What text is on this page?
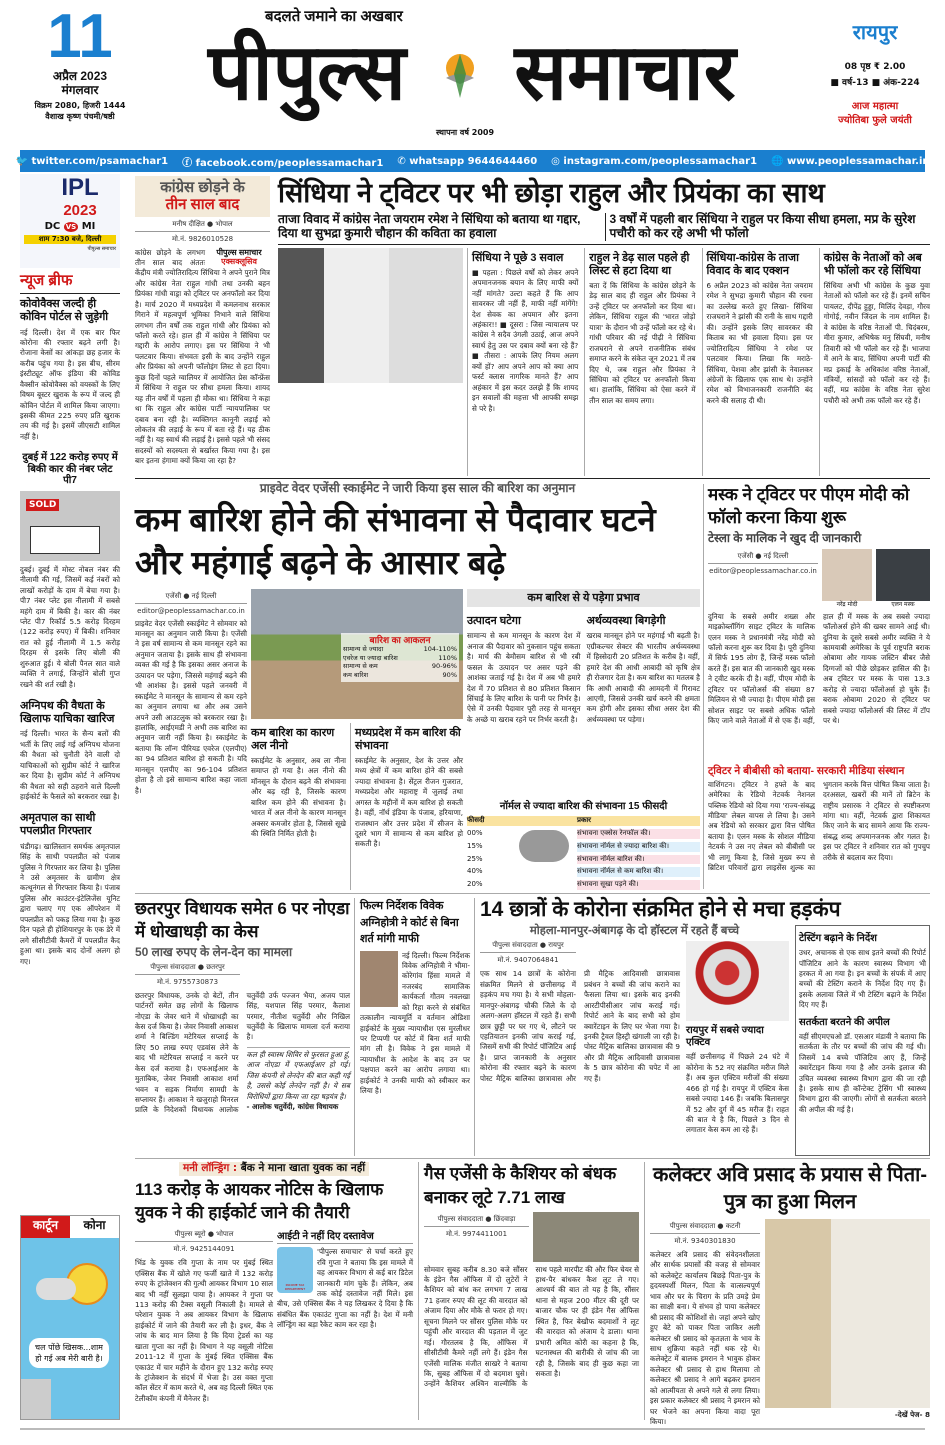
11
अप्रैल 2023
मंगलवार
विक्रम 2080, हिजरी 1444
वैशाख कृष्ण पंचमी/षष्ठी
बदलते जमाने का अखबार
पीपुल्स	समाचार
स्थापना वर्ष 2009
रायपुर
08 पृष्ठ ₹ 2.00
■ वर्ष-13 ■ अंक-224
आज महात्मा
ज्योतिबा फुले जयंती
🐦 twitter.com/psamachar1 ⓕ facebook.com/peoplessamachar1 ✆ whatsapp 9644644460 ◎ instagram.com/peoplessamachar1 🌐 www.peoplessamachar.in
IPL
2023
DC VS MI
शाम 7:30 बजे, दिल्ली
पीपुल्स समाचार
न्यूज ब्रीफ
कोवोवैक्स जल्दी ही कोविन पोर्टल से जुड़ेगी
नई दिल्ली। देश में एक बार फिर कोरोना की रफ्तार बढ़ने लगी है। रोजाना केसों का आंकड़ा छह हजार के करीब पहुंच गया है। इस बीच, सीरम इंस्टीट्यूट ऑफ इंडिया की कोविड वैक्सीन कोवोवैक्स को वयस्कों के लिए विषम बूस्टर खुराक के रूप में जल्द ही कोविन पोर्टल में शामिल किया जाएगा। इसकी कीमत 225 रुपए प्रति खुराक तय की गई है। इसमें जीएसटी शामिल नहीं है।
दुबई में 122 करोड़ रुपए में बिकी कार की नंबर प्लेट पी7
SOLD
दुबई। दुबई में मोस्ट नोबल नंबर की नीलामी की गई, जिसमें कई नंबरों को लाखों करोड़ों के दाम में बेचा गया है। पी7 नंबर प्लेट इस नीलामी में सबसे महंगे दाम में बिकी है। कार की नंबर प्लेट पी7 रिकॉर्ड 5.5 करोड़ दिरहम (122 करोड़ रुपए) में बिकी। शनिवार रात को हुई नीलामी में 1.5 करोड़ दिरहम से इसके लिए बोली की शुरुआत हुई। ये बोली पैनल सात वाले व्यक्ति ने लगाई, जिन्होंने बोली गुप्त रखने की शर्त रखी है।
अग्निपथ की वैधता के खिलाफ याचिका खारिज
नई दिल्ली। भारत के सैन्य बलों की भर्ती के लिए लाई गई अग्निपथ योजना की वैधता को चुनौती देने वाली दो याचिकाओं को सुप्रीम कोर्ट ने खारिज कर दिया है। सुप्रीम कोर्ट ने अग्निपथ की वैधता को सही ठहराने वाले दिल्ली हाईकोर्ट के फैसले को बरकरार रखा है।
अमृतपाल का साथी पपलप्रीत गिरफ्तार
चंडीगढ़। खालिस्तान समर्थक अमृतपाल सिंह के साथी पपलप्रीत को पंजाब पुलिस ने गिरफ्तार कर लिया है। पुलिस ने उसे अमृतसर के ग्रामीण क्षेत्र कत्थूनंगल से गिरफ्तार किया है। पंजाब पुलिस और काउंटर-इंटेलिजेंस यूनिट द्वारा चलाए गए एक ऑपरेशन में पपलप्रीत को पकड़ लिया गया है। कुछ दिन पहले ही होशियारपुर के एक डेरे में लगे सीसीटीवी कैमरों में पपलप्रीत कैद हुआ था। इसके बाद दोनों अलग हो गए।
कार्टून	कोना
चल पोंछे खिसक...शाम हो गई अब मेरी बारी है।
कांग्रेस छोड़ने के
तीन साल बाद
मनीष दीक्षित ● भोपाल
मो.नं. 9826010528
पीपुल्स समाचार
एक्सक्लूसिव
कांग्रेस छोड़ने के लगभग तीन साल बाद अंततः केंद्रीय मंत्री ज्योतिरादित्य सिंधिया ने अपने पुराने मित्र और कांग्रेस नेता राहुल गांधी तथा उनकी बहन प्रियंका गांधी वाड्रा को ट्विटर पर अनफॉलो कर दिया है। मार्च 2020 में मध्यप्रदेश में कमलनाथ सरकार गिराने में महत्वपूर्ण भूमिका निभाने वाले सिंधिया लगभग तीन वर्षों तक राहुल गांधी और प्रियंका को फॉलो करते रहे। हाल ही में कांग्रेस ने सिंधिया पर गद्दारी के आरोप लगाए। इस पर सिंधिया ने भी पलटवार किया। संभवतः इसी के बाद उन्होंने राहुल और प्रियंका को अपनी फॉलोइंग लिस्ट से हटा दिया। कुछ दिनों पहले ग्वालियर में आयोजित प्रेस कॉन्फ्रेंस में सिंधिया ने राहुल पर सीधा हमला किया। शायद यह तीन वर्षों में पहला ही मौका था। सिंधिया ने कहा था कि राहुल और कांग्रेस पार्टी न्यायपालिका पर दबाव बना रही है। व्यक्तिगत कानूनी लड़ाई को लोकतंत्र की लड़ाई के रूप में बता रहे हैं। यह ठीक नहीं है। यह स्वार्थ की लड़ाई है। इससे पहले भी संसद सदस्यों को सदस्यता से बर्खास्त किया गया है। इस बार इतना हंगामा क्यों किया जा रहा है?
सिंधिया ने ट्विटर पर भी छोड़ा राहुल और प्रियंका का साथ
ताजा विवाद में कांग्रेस नेता जयराम रमेश ने सिंधिया को बताया था गद्दार, दिया था सुभद्रा कुमारी चौहान की कविता का हवाला
3 वर्षों में पहली बार सिंधिया ने राहुल पर किया सीधा हमला, मप्र के सुरेश पचौरी को कर रहे अभी भी फॉलो
सिंधिया ने पूछे 3 सवाल
■ पहला : पिछले वर्षों को लेकर अपने अपमानजनक बयान के लिए माफी क्यों नहीं मांगते? उल्टा कहते हैं कि आप सावरकर जी नहीं हैं, माफी नहीं मांगेंगे! देश सेवक का अपमान और इतना अहंकार!! ■ दूसरा : जिस न्यायालय पर कांग्रेस ने सदैव उंगली उठाई, आज अपने स्वार्थ हेतु उस पर दबाव क्यों बना रहे हैं? ■ तीसरा : आपके लिए नियम अलग क्यों हों? आप अपने आप को क्या आप फर्स्ट क्लास नागरिक मानते हैं? आप अहंकार में इस कदर उलझे हैं कि शायद इन सवालों की महत्ता भी आपकी समझ से परे है।
राहुल ने डेढ़ साल पहले ही लिस्ट से हटा दिया था
बता दें कि सिंधिया के कांग्रेस छोड़ने के डेढ़ साल बाद ही राहुल और प्रियंका ने उन्हें ट्विटर पर अनफॉलो कर दिया था। लेकिन, सिंधिया राहुल की 'भारत जोड़ो यात्रा' के दौरान भी उन्हें फॉलो कर रहे थे। गांधी परिवार की नई पीढ़ी ने सिंधिया राजघराने से अपने राजनीतिक संबंध समाप्त करने के संकेत जून 2021 में तब दिए थे, जब राहुल और प्रियंका ने सिंधिया को ट्विटर पर अनफॉलो किया था। हालांकि, सिंधिया को ऐसा करने में तीन साल का समय लगा।
सिंधिया-कांग्रेस के ताजा विवाद के बाद एक्शन
6 अप्रैल 2023 को कांग्रेस नेता जयराम रमेश ने सुभद्रा कुमारी चौहान की रचना का उल्लेख करते हुए लिखा- सिंधिया राजघराने ने झांसी की रानी के साथ गद्दारी की। उन्होंने इसके लिए सावरकर की किताब का भी हवाला दिया। इस पर ज्योतिरादित्य सिंधिया ने रमेश पर पलटवार किया। लिखा कि मराठे- सिंधिया, पेशवा और झांसी के नेवालकर अंग्रेजों के खिलाफ एक साथ थे। उन्होंने रमेश को विभाजनकारी राजनीति बंद करने की सलाह दी थी।
कांग्रेस के नेताओं को अब भी फॉलो कर रहे सिंधिया
सिंधिया अभी भी कांग्रेस के कुछ युवा नेताओं को फॉलो कर रहे हैं। इनमें सचिन पायलट, दीपेंद्र हुड्डा, मिलिंद देवड़ा, गौरव गोगोई, नवीन जिंदल के नाम शामिल हैं। वे कांग्रेस के वरिष्ठ नेताओं पी. चिदंबरम, मीरा कुमार, अभिषेक मनु सिंघवी, मनीष तिवारी को भी फॉलो कर रहे हैं। भाजपा में आने के बाद, सिंधिया अपनी पार्टी की मप्र इकाई के अधिकांश वरिष्ठ नेताओं, मंत्रियों, सांसदों को फॉलो कर रहे हैं। वहीं, मप्र कांग्रेस के वरिष्ठ नेता सुरेश पचौरी को अभी तक फॉलो कर रहे हैं।
प्राइवेट वेदर एजेंसी स्काईमेट ने जारी किया इस साल की बारिश का अनुमान
कम बारिश होने की संभावना से पैदावार घटने और महंगाई बढ़ने के आसार बढ़े
एजेंसी ● नई दिल्ली
editor@peoplessamachar.co.in
प्राइवेट वेदर एजेंसी स्काईमेट ने सोमवार को मानसून का अनुमान जारी किया है। एजेंसी ने इस वर्ष सामान्य से कम मानसून रहने का अनुमान जताया है। इसके साथ ही संभावना व्यक्त की गई है कि इसका असर अनाज के उत्पादन पर पड़ेगा, जिससे महंगाई बढ़ने की भी आशंका है। इससे पहले जनवरी में स्काईमेट ने मानसून के सामान्य से कम रहने का अनुमान लगाया था और अब उसने अपने उसी आउटलुक को बरकरार रखा है। हालांकि, आईएमडी ने अभी तक बारिश का अनुमान जारी नहीं किया है। स्काईमेट के बताया कि लॉन्ग पीरियड एवरेज (एलपीए) का 94 प्रतिशत बारिश हो सकती है। यदि मानसून एलपीए का 96-104 प्रतिशत होता है तो इसे सामान्य बारिश कहा जाता है।
बारिश का आकलन
सामान्य से ज्यादा	104-110%
एवरेज या ज्यादा बारिश	110%
सामान्य से कम	90-96%
कम बारिश	90%
कम बारिश का कारण अल नीनो
स्काईमेट के अनुसार, अब ला नीना समाप्त हो गया है। अल नीनो की मॉनसून के दौरान बढ़ने की संभावना और बढ़ रही है, जिसके कारण बारिश कम होने की संभावना है। भारत में अल नीनो के कारण मानसून अक्सर कमजोर होता है, जिससे सूखे की स्थिति निर्मित होती है।
मध्यप्रदेश में कम बारिश की संभावना
स्काईमेट के अनुसार, देश के उत्तर और मध्य क्षेत्रों में कम बारिश होने की सबसे ज्यादा संभावना है। सेंट्रल रीजन गुजरात, मध्यप्रदेश और महाराष्ट्र में जुलाई तथा अगस्त के महीनों में कम बारिश हो सकती है। वहीं, नॉर्थ इंडिया के पंजाब, हरियाणा, राजस्थान और उत्तर प्रदेश में सीजन के दूसरे भाग में सामान्य से कम बारिश हो सकती है।
कम बारिश से ये पड़ेगा प्रभाव
उत्पादन घटेगा
सामान्य से कम मानसून के कारण देश में अनाज की पैदावार को नुकसान पहुंच सकता है। मार्च की बेमौसम बारिश से भी रबी फसल के उत्पादन पर असर पड़ने की आशंका जताई गई है। देश में अब भी हमारे देश में 70 प्रतिशत से 80 प्रतिशत किसान सिंचाई के लिए बारिश के पानी पर निर्भर है। ऐसे में उनकी पैदावार पूरी तरह से मानसून के अच्छे या खराब रहने पर निर्भर करती है।
अर्थव्यवस्था बिगड़ेगी
खराब मानसून होने पर महंगाई भी बढ़ती है। एग्रीकल्चर सेक्टर की भारतीय अर्थव्यवस्था में हिस्सेदारी 20 प्रतिशत के करीब है। वहीं, हमारे देश की आधी आबादी को कृषि क्षेत्र ही रोजगार देता है। कम बारिश का मतलब है कि आधी आबादी की आमदनी में गिरावट आएगी, जिससे उनकी खर्च करने की क्षमता कम होगी और इसका सीधा असर देश की अर्थव्यवस्था पर पड़ेगा।
नॉर्मल से ज्यादा बारिश की संभावना 15 फीसदी
फीसदी	प्रकार
00%	संभावना एक्सेस रेनफॉल की।
15%	संभावना नॉर्मल से ज्यादा बारिश की।
25%	संभावना नॉर्मल बारिश की।
40%	संभावना नॉर्मल से कम बारिश की।
20%	संभावना सूखा पड़ने की।
मस्क ने ट्विटर पर पीएम मोदी को फॉलो करना किया शुरू
टेस्ला के मालिक ने खुद दी जानकारी
एजेंसी ● नई दिल्ली
editor@peoplessamachar.co.in
नरेंद्र मोदी	एलन मस्क
दुनिया के सबसे अमीर शख्स और माइक्रोब्लॉगिंग साइट ट्विटर के मालिक एलन मस्क ने प्रधानमंत्री नरेंद्र मोदी को फॉलो करना शुरू कर दिया है। पूरी दुनिया में सिर्फ 195 लोग हैं, जिन्हें मस्क फॉलो करते हैं। इस बात की जानकारी खुद मस्क ने ट्वीट करके दी है। वहीं, पीएम मोदी के ट्विटर पर फॉलोअर्स की संख्या 87 मिलियन से भी ज्यादा है। पीएम मोदी इस सोशल साइट पर सबसे अधिक फॉलो किए जाने वाले नेताओं में से एक हैं। वहीं, हाल ही में मस्क के अब सबसे ज्यादा फॉलोअर्स होने की खबर सामने आई थी। दुनिया के दूसरे सबसे अमीर व्यक्ति ने ये कामयाबी अमेरिका के पूर्व राष्ट्रपति बराक ओबामा और गायक जस्टिन बीबर जैसे दिग्गजों को पीछे छोड़कर हासिल की है। अब ट्विटर पर मस्क के पास 13.3 करोड़ से ज्यादा फॉलोअर्स हो चुके हैं। बराक ओबामा 2020 से ट्विटर पर सबसे ज्यादा फॉलोअर्स की लिस्ट में टॉप पर थे।
ट्विटर ने बीबीसी को बताया- सरकारी मीडिया संस्थान
वाशिंगटन। ट्विटर ने हफ्ते के बाद अमेरिका के रेडियो नेटवर्क नेशनल पब्लिक रेडियो को दिया गया 'राज्य-संबद्ध मीडिया' लेबल वापस ले लिया है। उसने अब रेडियो को सरकार द्वारा वित्त पोषित बताया है। एलन मस्क के सोशल मीडिया नेटवर्क ने उस नए लेबल को बीबीसी पर भी लागू किया है, जिसे मुख्य रूप से ब्रिटिश परिवारों द्वारा लाइसेंस शुल्क का भुगतान करके वित्त पोषित किया जाता है। दरअसल, खबरों की मानें तो ब्रिटेन के राष्ट्रीय प्रसारक ने ट्विटर से स्पष्टीकरण मांगा था। वहीं, नेटवर्क द्वारा शिकायत किए जाने के बाद सामने आया कि राज्य-संबद्ध शब्द अपमानजनक और गलत है। इस पर ट्विटर ने शनिवार रात को गुपचुप तरीके से बदलाव कर दिया।
छतरपुर विधायक समेत 6 पर नोएडा में धोखाधड़ी का केस
50 लाख रुपए के लेन-देन का मामला
पीपुल्स संवाददाता ● छतरपुर
मो.नं. 9755730873
छतरपुर विधायक, उनके दो बेटों, तीन पार्टनरों समेत छह लोगों के खिलाफ नोएडा के जेवर थाने में धोखाधड़ी का केस दर्ज किया है। जेवर निवासी आकाश शर्मा ने बिल्डिंग मटेरियल सप्लाई के लिए 50 लाख रुपए एडवांस लेने के बाद भी मटेरियल सप्लाई न करने पर केस दर्ज कराया है। एफआईआर के मुताबिक, जेवर निवासी आकाश शर्मा भवन व सड़क निर्माण सामग्री के सप्लायर हैं। आकाश ने खजुराहो मिनरल प्रालि के निदेशकों विधायक आलोक चतुर्वेदी उर्फ पज्जन भैया, अजय पाल सिंह, यशपाल सिंह परमार, कैलाश परमार, नीतीश चतुर्वेदी और निखिल चतुर्वेदी के खिलाफ मामला दर्ज कराया है।
कल ही स्वास्थ शिविर से फुरसत हुआ हूं, आज नोएडा में एफआईआर हो गई। जिस कंपनी से लेनदेन की बात कही गई है, उससे कोई लेनदेन नहीं है। ये सब विरोधियों द्वारा किया जा रहा षड़यंत्र है।
- आलोक चतुर्वेदी, कांग्रेस विधायक
फिल्म निर्देशक विवेक अग्निहोत्री ने कोर्ट से बिना शर्त मांगी माफी
नई दिल्ली। फिल्म निर्देशक विवेक अग्निहोत्री ने भीमा-कोरेगांव हिंसा मामले में नजरबंद सामाजिक कार्यकर्ता गौतम नवलखा को रिहा करने से संबंधित तत्कालीन न्यायमूर्ति व वर्तमान ओडिशा हाईकोर्ट के मुख्य न्यायाधीश एस मुरलीधर पर टिप्पणी पर कोर्ट में बिना शर्त माफी मांग ली है। विवेक ने इस मामले में न्यायाधीश के आदेश के बाद उन पर पक्षपात करने का आरोप लगाया था। हाईकोर्ट ने उनकी माफी को स्वीकार कर लिया है।
14 छात्रों के कोरोना संक्रमित होने से मचा हड़कंप
मोहला-मानपुर-अंबागढ़ के दो हॉस्टल में रहते हैं बच्चे
पीपुल्स संवाददाता ● रायपुर
मो.नं. 9407064841
एक साथ 14 छात्रों के कोरोना संक्रमित मिलने से छत्तीसगढ़ में हड़कंप मच गया है। ये सभी मोहला-मानपुर-अंबागढ़ चौकी जिले के दो अलग-अलग हॉस्टल में रहते हैं। सभी छात्र छुट्टी पर घर गए थे, लौटने पर एहतियातन इनकी जांच कराई गई, जिसमें सभी की रिपोर्ट पॉजिटिव आई है। प्राप्त जानकारी के अनुसार कोरोना की रफ्तार बढ़ने के कारण पोस्ट मैट्रिक बालिका छात्रावास और प्री मैट्रिक आदिवासी छात्रावास प्रबंधन ने बच्चों की जांच कराने का फैसला लिया था। इसके बाद इनकी आरटीपीसीआर जांच कराई गई। रिपोर्ट आने के बाद सभी को होम क्वारेंटाइन के लिए घर भेजा गया है। इनकी ट्रैवल हिस्ट्री खंगाली जा रही है। पोस्ट मैट्रिक बालिका छात्रावास की 9 और प्री मैट्रिक आदिवासी छात्रावास के 5 छात्र कोरोना की चपेट में आ गए हैं।
रायपुर में सबसे ज्यादा एक्टिव
वहीं छत्तीसगढ़ में पिछले 24 घंटे में कोरोना के 52 नए संक्रमित मरीज मिले हैं। अब कुल एक्टिव मरीजों की संख्या 466 हो गई है। रायपुर में एक्टिव केस सबसे ज्यादा 146 हैं। जबकि बिलासपुर में 52 और दुर्ग में 45 मरीज हैं। राहत की बात ये है कि, पिछले 3 दिन से लगातार केस कम आ रहे हैं।
टेस्टिंग बढ़ाने के निर्देश
उधर, अचानक से एक साथ इतने बच्चों की रिपोर्ट पॉजिटिव आने के कारण स्वास्थ्य विभाग भी हरकत में आ गया है। इन बच्चों के संपर्क में आए बच्चों की टेस्टिंग कराने के निर्देश दिए गए हैं। इसके अलावा जिले में भी टेस्टिंग बढ़ाने के निर्देश दिए गए हैं।
सतर्कता बरतने की अपील
वहीं सीएमएचओ डॉ. एसआर मंडावी ने बताया कि सतर्कता के तौर पर बच्चों की जांच की गई थी। जिसमें 14 बच्चे पॉजिटिव आए हैं, जिन्हें क्वारेंटाइन किया गया है और उनके इलाज की उचित व्यवस्था स्वास्थ्य विभाग द्वारा की जा रही है। इसके साथ ही कॉन्टेक्ट ट्रेसिंग भी स्वास्थ्य विभाग द्वारा की जाएगी। लोगों से सतर्कता बरतने की अपील की गई है।
मनी लॉन्ड्रिंग : बैंक ने माना खाता युवक का नहीं
113 करोड़ के आयकर नोटिस के खिलाफ युवक ने की हाईकोर्ट जाने की तैयारी
पीपुल्स ब्यूरो ● भोपाल
मो.नं. 9425144091
भिंड के युवक रवि गुप्ता के नाम पर मुंबई स्थित एक्सिस बैंक में खोले गए फर्जी खाते में 132 करोड़ रुपए के ट्रांजेक्शन की गुत्थी आयकर विभाग 10 साल बाद भी नहीं सुलझा पाया है। आयकर ने गुप्ता पर 113 करोड़ की टैक्स वसूली निकाली है। मामले से परेशान युवक ने अब आयकर विभाग के खिलाफ हाईकोर्ट में जाने की तैयारी कर ली है। इधर, बैंक ने जांच के बाद मान लिया है कि दिया ट्रेडर्स का यह खाता गुप्ता का नहीं है। विभाग ने यह वसूली नोटिस 2011-12 में गुप्ता के मुंबई स्थित एक्सिस बैंक एकाउंट में चार महीने के दौरान हुए 132 करोड़ रुपए के ट्रांजेक्शन के संदर्भ में भेजा है। उस वक्त गुप्ता कॉल सेंटर में काम करते थे, अब वह दिल्ली स्थित एक टेलीकॉम कंपनी में मैनेजर हैं।
आईटी ने नहीं दिए दस्तावेज
INCOME TAX DEPARTMENT
'पीपुल्स समाचार' से चर्चा करते हुए रवि गुप्ता ने बताया कि इस मामले में वह आयकर विभाग से कई बार डिटेल जानकारी मांग चुके हैं। लेकिन, अब तक कोई दस्तावेज नहीं मिले। इस बीच, उसे एक्सिस बैंक ने यह लिखकर दे दिया है कि संबंधित बैंक एकाउंट गुप्ता का नहीं है। देश में मनी लॉन्ड्रिंग का बड़ा रैकेट काम कर रहा है।
गैस एजेंसी के कैशियर को बंधक बनाकर लूटे 7.71 लाख
पीपुल्स संवाददाता ● छिंदवाड़ा
मो.नं. 9974411001
सोमवार सुबह करीब 8.30 बजे सौंसर के इंडेन गैस ऑफिस में दो लुटेरों ने कैशियर को बांध कर लगभग 7 लाख 71 हजार रुपए की लूट की वारदात को अंजाम दिया और मौके से फरार हो गए। सूचना मिलने पर सौंसर पुलिस मौके पर पहुंची और वारदात की पड़ताल में जुट गई। गौरतलब है कि, ऑफिस में सीसीटीवी कैमरे नहीं लगे हैं। इंडेन गैस एजेंसी मालिक मंजीत साखरे ने बताया कि, सुबह ऑफिस में दो बदमाश घुसे। उन्होंने कैशियर अश्विन वाल्मीकि के साथ पहले मारपीट की और फिर चेयर से हाथ-पैर बांधकर कैश लूट ले गए। आश्चर्य की बात तो यह है कि, सौंसर थाना से महज 200 मीटर की दूरी पर बाजार चौक पर ही इंडेन गैस ऑफिस स्थित है, फिर बेखौफ बदमाशों ने लूट की वारदात को अंजाम दे डाला। थाना प्रभारी अमित कोरी का कहना है कि, घटनास्थल की बारीकी से जांच की जा रही है, जिसके बाद ही कुछ कहा जा सकता है।
कलेक्टर अवि प्रसाद के प्रयास से पिता-पुत्र का हुआ मिलन
पीपुल्स संवाददाता ● कटनी
मो.नं. 9340301830
कलेक्टर अवि प्रसाद की संवेदनशीलता और सार्थक प्रयासों की वजह से सोमवार को कलेक्ट्रेट कार्यालय बिछड़े पिता-पुत्र के हृदयस्पर्शी मिलन, पिता के वात्सल्यपूर्ण भाव और घर के चिराग के प्रति उमड़े प्रेम का साक्षी बना। ये संभव हो पाया कलेक्टर श्री प्रसाद की कोशिशों से। जहां अपने खोए हुए बेटे को पाकर पिता जाकिर अली कलेक्टर श्री प्रसाद को कृतज्ञता के भाव के साथ शुक्रिया कहते नहीं थक रहे थे। कलेक्ट्रेट में बालक इमरान ने भावुक होकर कलेक्टर श्री प्रसाद से हाथ मिलाया तो कलेक्टर श्री प्रसाद ने आगे बढ़कर इमरान को आत्मीयता से अपने गले से लगा लिया। इस प्रकार कलेक्टर श्री प्रसाद ने इमरान को घर भेजने का अपना किया वादा पूरा किया।
-देखें पेज- 8
